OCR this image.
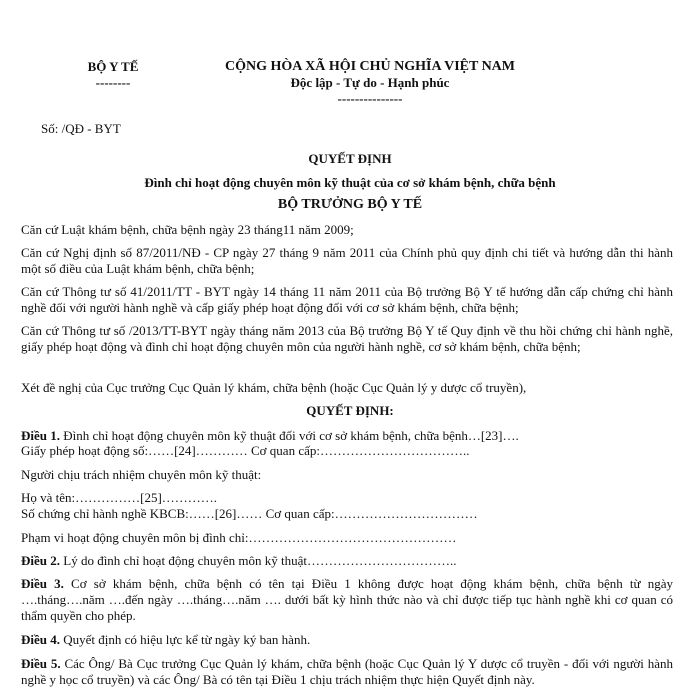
BỘ Y TẾ
--------
CỘNG HÒA XÃ HỘI CHỦ NGHĨA VIỆT NAM
Độc lập - Tự do - Hạnh phúc
---------------
Số: /QĐ - BYT
QUYẾT ĐỊNH
Đình chỉ hoạt động chuyên môn kỹ thuật của cơ sở khám bệnh, chữa bệnh
BỘ TRƯỞNG BỘ Y TẾ
Căn cứ Luật khám bệnh, chữa bệnh ngày 23 tháng11 năm 2009;
Căn cứ Nghị định số 87/2011/NĐ - CP ngày 27 tháng 9 năm 2011 của Chính phủ quy định chi tiết và hướng dẫn thi hành một số điều của Luật khám bệnh, chữa bệnh;
Căn cứ Thông tư số 41/2011/TT - BYT ngày 14 tháng 11 năm 2011 của Bộ trưởng Bộ Y tế hướng dẫn cấp chứng chỉ hành nghề đối với người hành nghề và cấp giấy phép hoạt động đối với cơ sở khám bệnh, chữa bệnh;
Căn cứ Thông tư số /2013/TT-BYT ngày tháng năm 2013 của Bộ trưởng Bộ Y tế Quy định về thu hồi chứng chỉ hành nghề, giấy phép hoạt động và đình chỉ hoạt động chuyên môn của người hành nghề, cơ sở khám bệnh, chữa bệnh;
Xét đề nghị của Cục trưởng Cục Quản lý khám, chữa bệnh (hoặc Cục Quản lý y dược cổ truyền),
QUYẾT ĐỊNH:
Điều 1. Đình chỉ hoạt động chuyên môn kỹ thuật đối với cơ sở khám bệnh, chữa bệnh…[23]….
Giấy phép hoạt động số:……[24]………… Cơ quan cấp:……………………………..
Người chịu trách nhiệm chuyên môn kỹ thuật:
Họ và tên:……………[25]………….
Số chứng chỉ hành nghề KBCB:……[26]…… Cơ quan cấp:……………………………
Phạm vi hoạt động chuyên môn bị đình chỉ:…………………………………………
Điều 2. Lý do đình chỉ hoạt động chuyên môn kỹ thuật……………………………..
Điều 3. Cơ sở khám bệnh, chữa bệnh có tên tại Điều 1 không được hoạt động khám bệnh, chữa bệnh từ ngày ….tháng….năm ….đến ngày ….tháng….năm …. dưới bất kỳ hình thức nào và chỉ được tiếp tục hành nghề khi cơ quan có thẩm quyền cho phép.
Điều 4. Quyết định có hiệu lực kể từ ngày ký ban hành.
Điều 5. Các Ông/ Bà Cục trưởng Cục Quản lý khám, chữa bệnh (hoặc Cục Quản lý Y dược cổ truyền - đối với người hành nghề y học cổ truyền) và các Ông/ Bà có tên tại Điều 1 chịu trách nhiệm thực hiện Quyết định này.
